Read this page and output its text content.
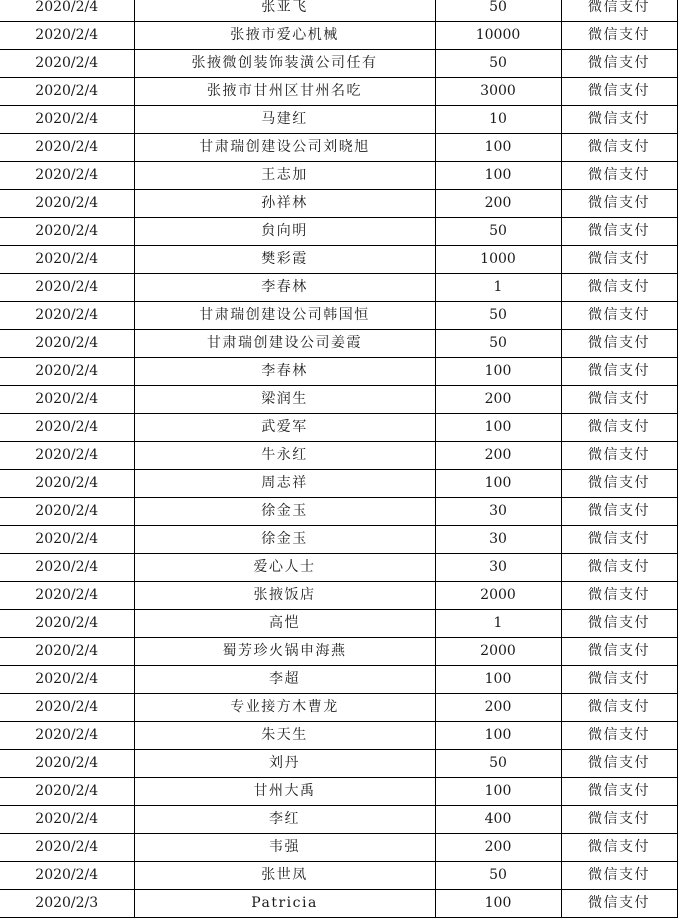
2020/2/4	张亚飞	50	微信支付
2020/2/4	张掖市爱心机械	10000	微信支付
2020/2/4	张掖微创装饰装潢公司任有	50	微信支付
2020/2/4	张掖市甘州区甘州名吃	3000	微信支付
2020/2/4	马建红	10	微信支付
2020/2/4	甘肃瑞创建设公司刘晓旭	100	微信支付
2020/2/4	王志加	100	微信支付
2020/2/4	孙祥林	200	微信支付
2020/2/4	贠向明	50	微信支付
2020/2/4	樊彩霞	1000	微信支付
2020/2/4	李春林	1	微信支付
2020/2/4	甘肃瑞创建设公司韩国恒	50	微信支付
2020/2/4	甘肃瑞创建设公司姜霞	50	微信支付
2020/2/4	李春林	100	微信支付
2020/2/4	梁润生	200	微信支付
2020/2/4	武爱军	100	微信支付
2020/2/4	牛永红	200	微信支付
2020/2/4	周志祥	100	微信支付
2020/2/4	徐金玉	30	微信支付
2020/2/4	徐金玉	30	微信支付
2020/2/4	爱心人士	30	微信支付
2020/2/4	张掖饭店	2000	微信支付
2020/2/4	高恺	1	微信支付
2020/2/4	蜀芳珍火锅申海燕	2000	微信支付
2020/2/4	李超	100	微信支付
2020/2/4	专业接方木曹龙	200	微信支付
2020/2/4	朱天生	100	微信支付
2020/2/4	刘丹	50	微信支付
2020/2/4	甘州大禹	100	微信支付
2020/2/4	李红	400	微信支付
2020/2/4	韦强	200	微信支付
2020/2/4	张世凤	50	微信支付
2020/2/3	Patricia	100	微信支付
